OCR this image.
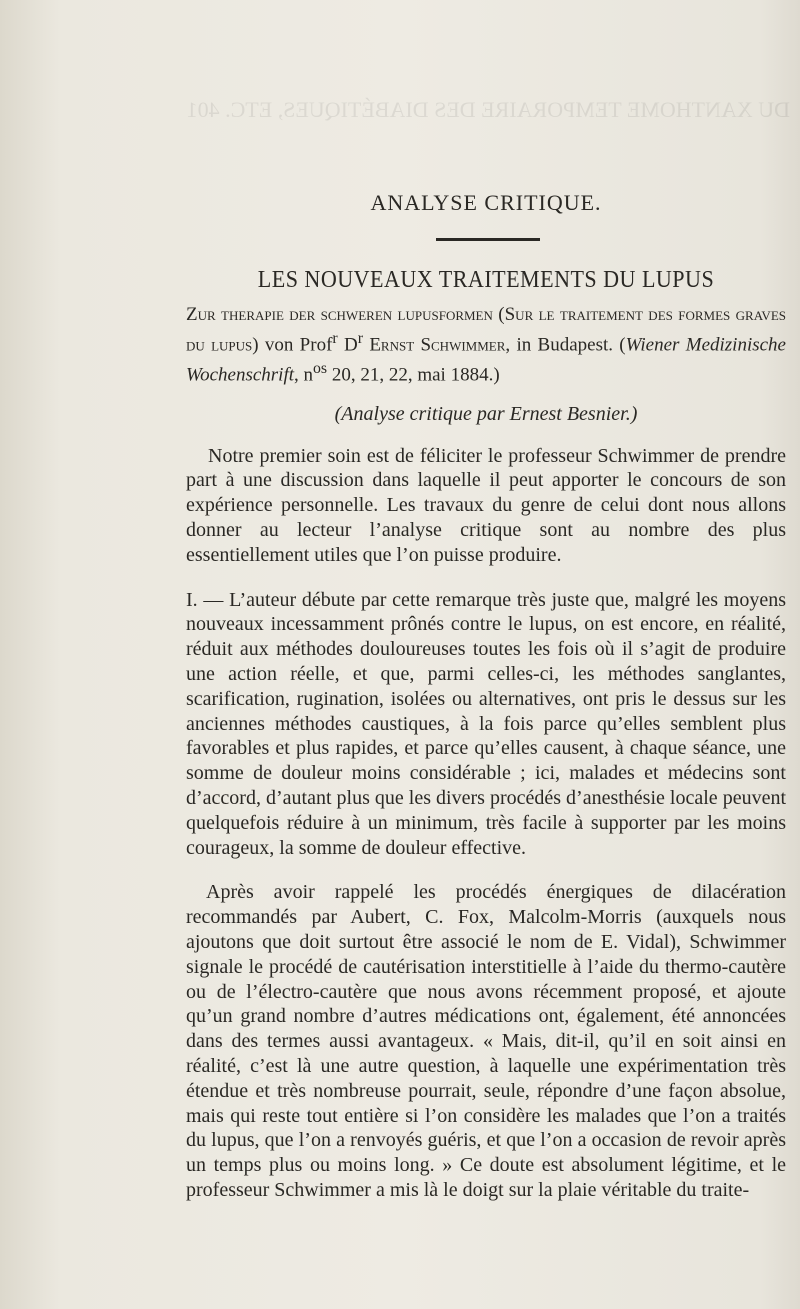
DU XANTHOME TEMPORAIRE DES DIABÉTIQUES, ETC. 401
ANALYSE CRITIQUE.
LES NOUVEAUX TRAITEMENTS DU LUPUS
Zur therapie der schweren lupusformen (Sur le traitement des formes graves du lupus) von Prof$^r$ $D^r$ Ernst Schwimmer, in Budapest. (Wiener Medizinische Wochenschrift, $n^{os}$ 20, 21, 22, mai 1884.)
(Analyse critique par Ernest Besnier.)

Notre premier soin est de féliciter le professeur Schwimmer de prendre part à une discussion dans laquelle il peut apporter le concours de son expérience personnelle. Les travaux du genre de celui dont nous allons donner au lecteur l’analyse critique sont au nombre des plus essentiellement utiles que l’on puisse produire.

I. — L’auteur débute par cette remarque très juste que, malgré les moyens nouveaux incessamment prônés contre le lupus, on est encore, en réalité, réduit aux méthodes douloureuses toutes les fois où il s’agit de produire une action réelle, et que, parmi celles-ci, les méthodes sanglantes, scarification, rugination, isolées ou alternatives, ont pris le dessus sur les anciennes méthodes caustiques, à la fois parce qu’elles semblent plus favorables et plus rapides, et parce qu’elles causent, à chaque séance, une somme de douleur moins considérable ; ici, malades et médecins sont d’accord, d’autant plus que les divers procédés d’anesthésie locale peuvent quelquefois réduire à un minimum, très facile à supporter par les moins courageux, la somme de douleur effective.

Après avoir rappelé les procédés énergiques de dilacération recommandés par Aubert, C. Fox, Malcolm-Morris (auxquels nous ajoutons que doit surtout être associé le nom de E. Vidal), Schwimmer signale le procédé de cautérisation interstitielle à l’aide du thermo-cautère ou de l’électro-cautère que nous avons récemment proposé, et ajoute qu’un grand nombre d’autres médications ont, également, été annoncées dans des termes aussi avantageux. « Mais, dit-il, qu’il en soit ainsi en réalité, c’est là une autre question, à laquelle une expérimentation très étendue et très nombreuse pourrait, seule, répondre d’une façon absolue, mais qui reste tout entière si l’on considère les malades que l’on a traités du lupus, que l’on a renvoyés guéris, et que l’on a occasion de revoir après un temps plus ou moins long. » Ce doute est absolument légitime, et le professeur Schwimmer a mis là le doigt sur la plaie véritable du traite-
